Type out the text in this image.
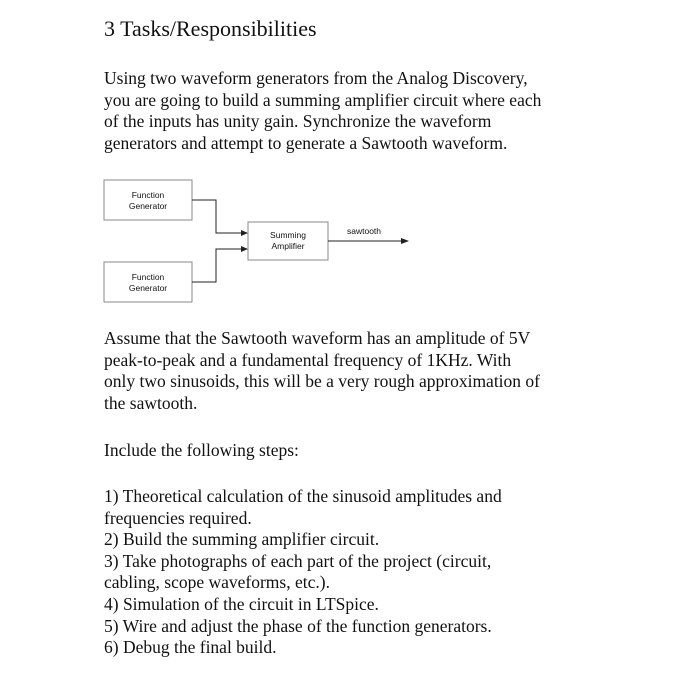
3 Tasks/Responsibilities

Using two waveform generators from the Analog Discovery,
you are going to build a summing amplifier circuit where each
of the inputs has unity gain. Synchronize the waveform
generators and attempt to generate a Sawtooth waveform.

Function
Generator
Function
Generator
Summing
Amplifier
sawtooth

Assume that the Sawtooth waveform has an amplitude of 5V
peak-to-peak and a fundamental frequency of 1KHz. With
only two sinusoids, this will be a very rough approximation of
the sawtooth.

Include the following steps:

1) Theoretical calculation of the sinusoid amplitudes and
frequencies required.
2) Build the summing amplifier circuit.
3) Take photographs of each part of the project (circuit,
cabling, scope waveforms, etc.).
4) Simulation of the circuit in LTSpice.
5) Wire and adjust the phase of the function generators.
6) Debug the final build.
